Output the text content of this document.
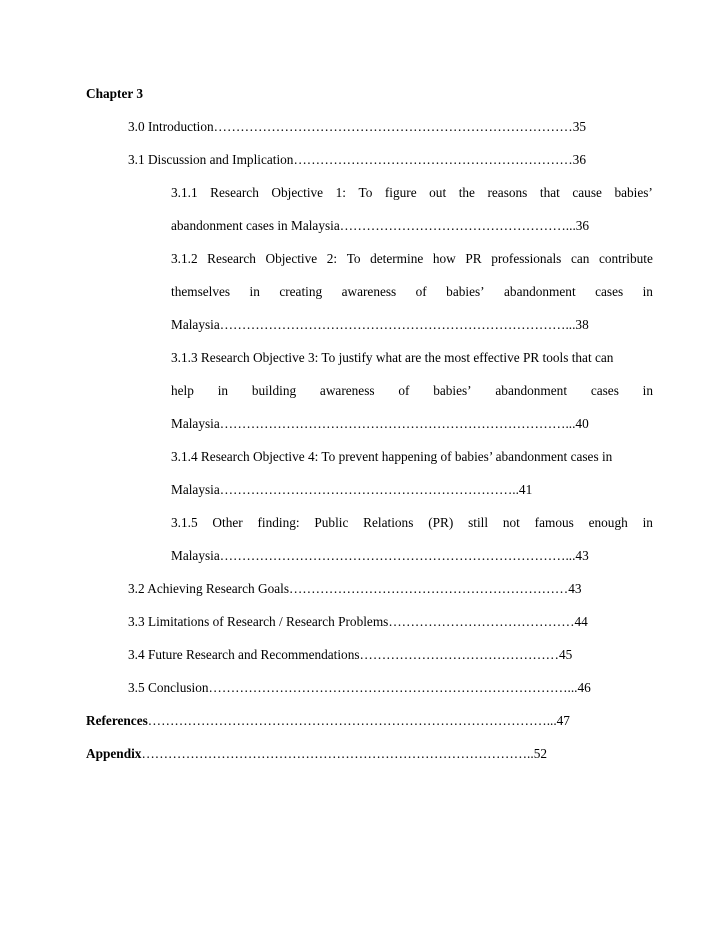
Chapter 3
3.0 Introduction………………………………………………………………………35
3.1 Discussion and Implication………………………………………………………36
3.1.1 Research Objective 1: To figure out the reasons that cause babies’
abandonment cases in Malaysia……………………………………………...36
3.1.2 Research Objective 2: To determine how PR professionals can contribute
themselves in creating awareness of babies’ abandonment cases in
Malaysia……………………………………………………………………...38
3.1.3 Research Objective 3: To justify what are the most effective PR tools that can
help in building awareness of babies’ abandonment cases in
Malaysia……………………………………………………………………...40
3.1.4 Research Objective 4: To prevent happening of babies’ abandonment cases in
Malaysia…………………………………………………………..41
3.1.5 Other finding: Public Relations (PR) still not famous enough in
Malaysia……………………………………………………………………...43
3.2 Achieving Research Goals………………………………………………………43
3.3 Limitations of Research / Research Problems……………………………………44
3.4 Future Research and Recommendations………………………………………45
3.5 Conclusion………………………………………………………………………...46
References………………………………………………………………………………...47
Appendix……………………………………………………………………………..52
